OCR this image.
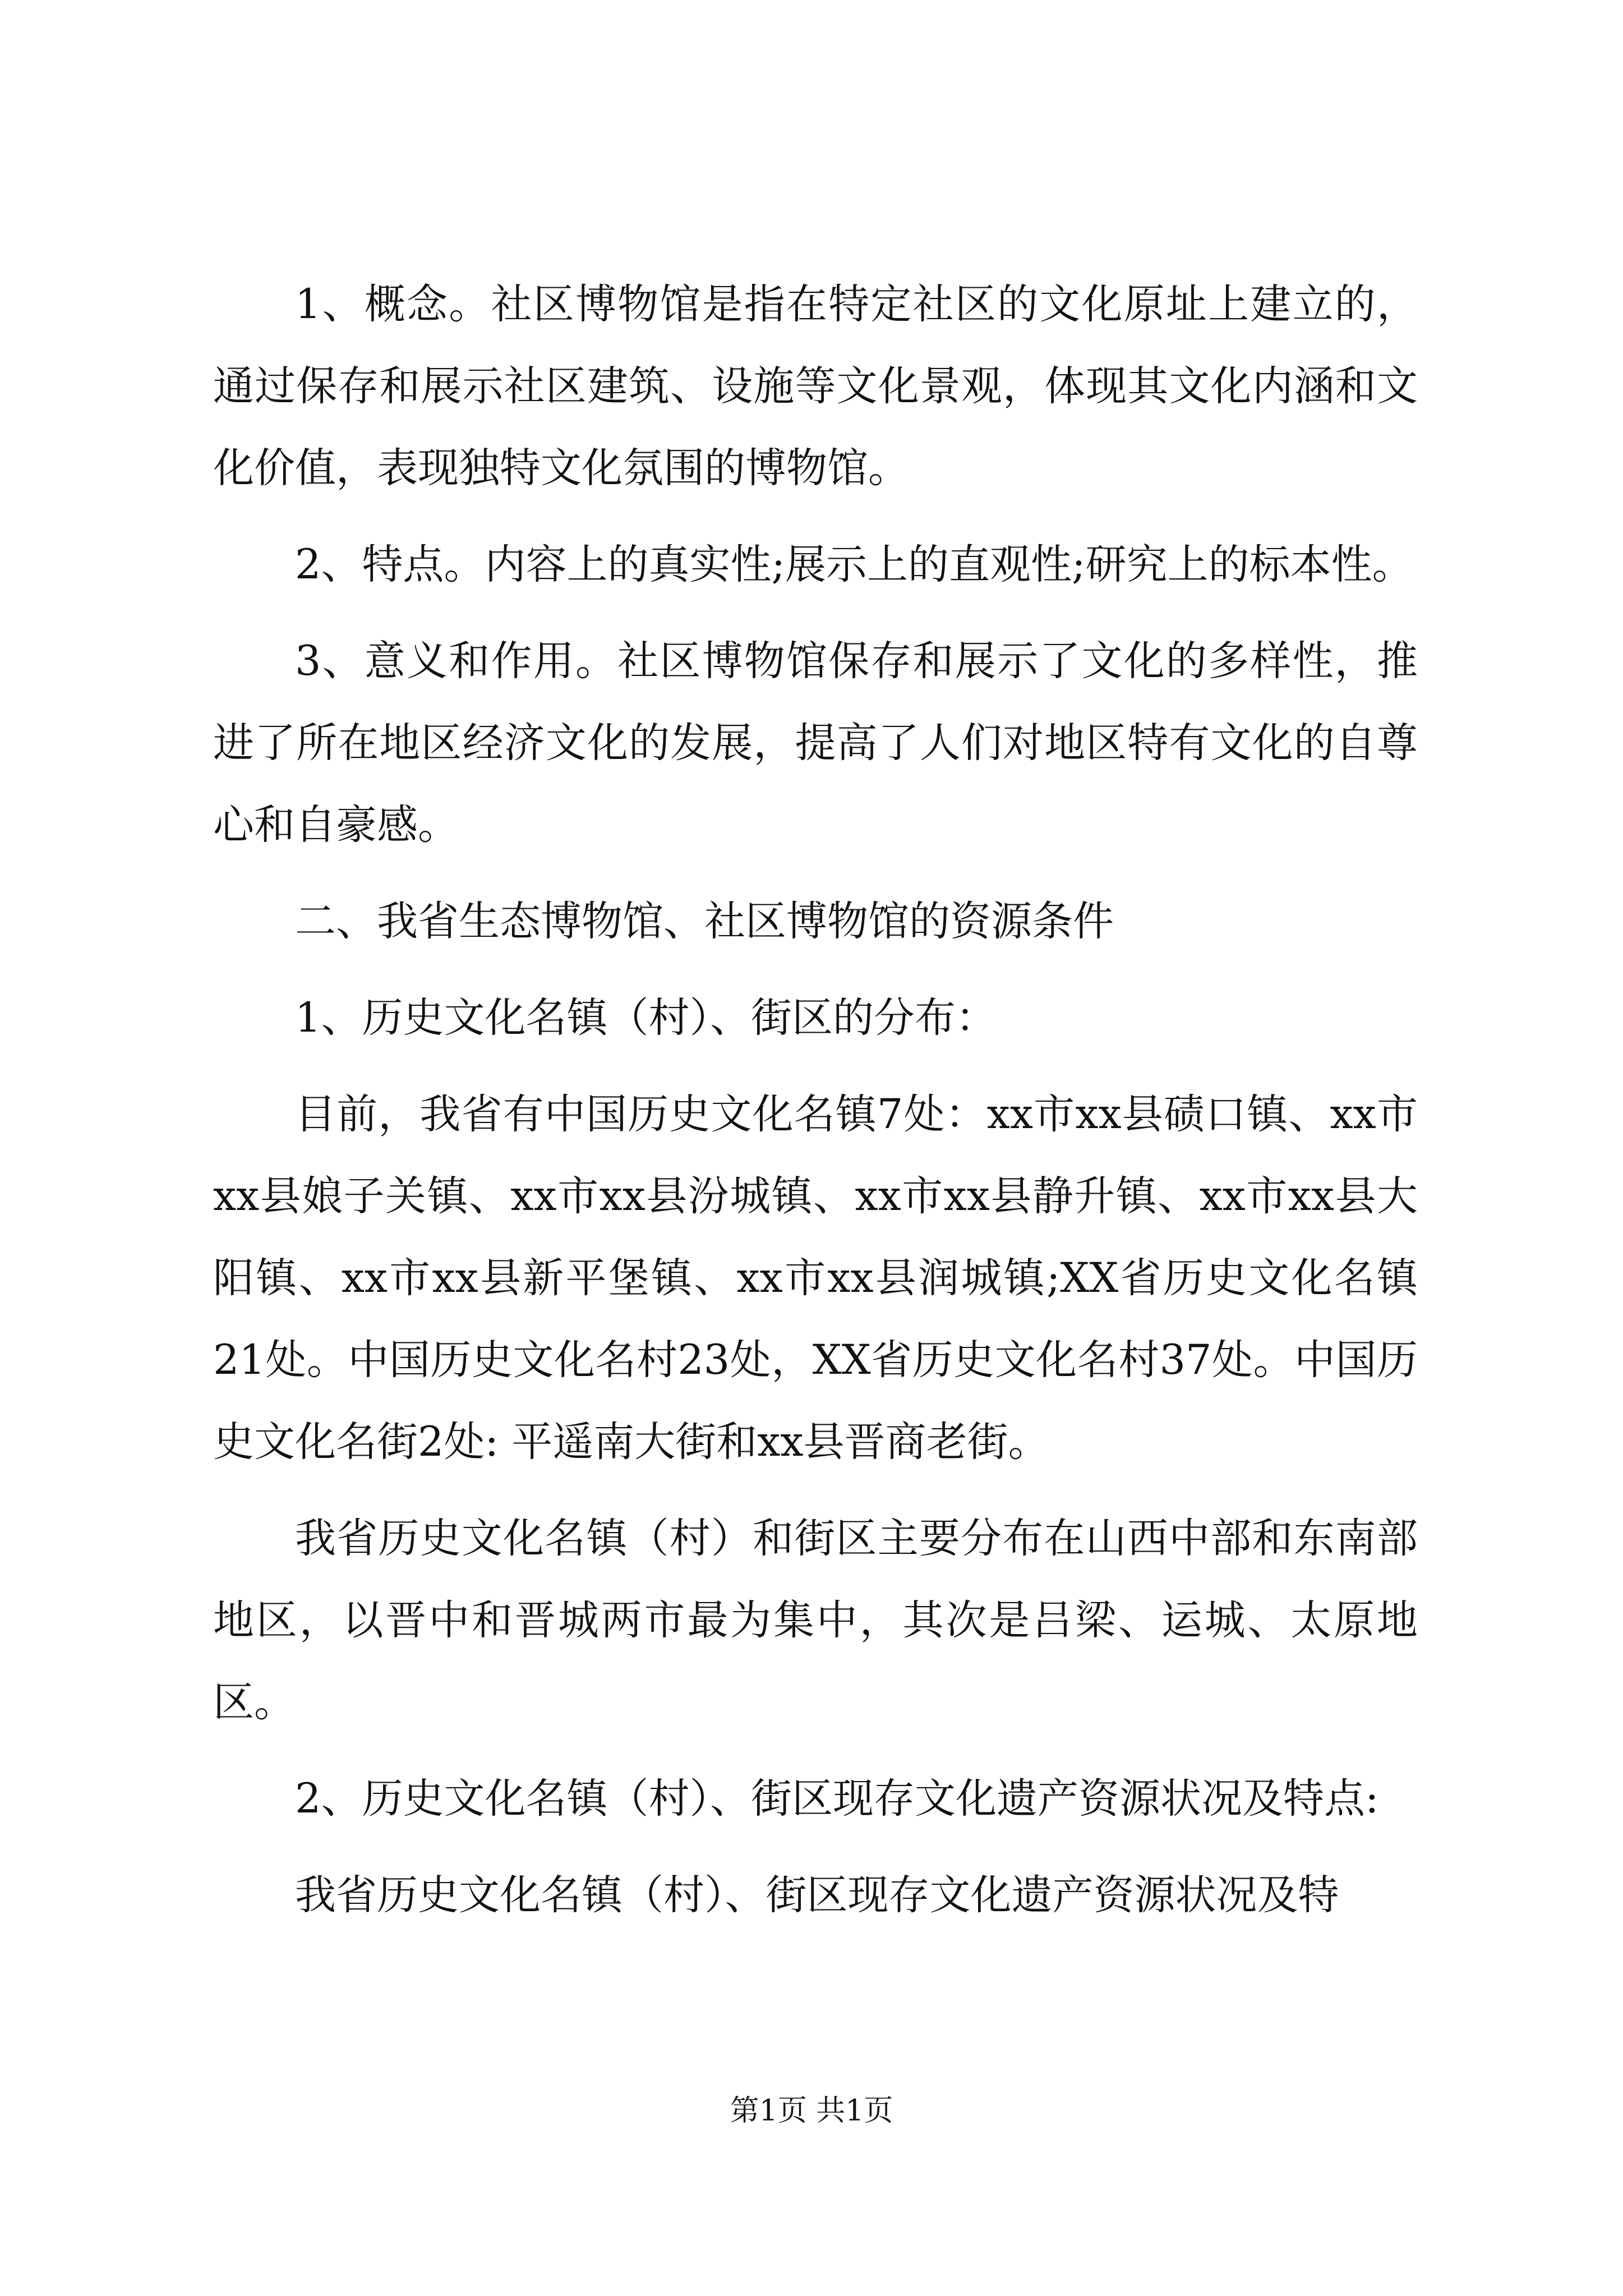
1、概念。社区博物馆是指在特定社区的文化原址上建立的，通过保存和展示社区建筑、设施等文化景观，体现其文化内涵和文化价值，表现独特文化氛围的博物馆。

2、特点。内容上的真实性;展示上的直观性;研究上的标本性。

3、意义和作用。社区博物馆保存和展示了文化的多样性，推进了所在地区经济文化的发展，提高了人们对地区特有文化的自尊心和自豪感。

二、我省生态博物馆、社区博物馆的资源条件

1、历史文化名镇（村）、街区的分布：

目前，我省有中国历史文化名镇7处：xx市xx县碛口镇、xx市xx县娘子关镇、xx市xx县汾城镇、xx市xx县静升镇、xx市xx县大阳镇、xx市xx县新平堡镇、xx市xx县润城镇;XX省历史文化名镇21处。中国历史文化名村23处，XX省历史文化名村37处。中国历史文化名街2处: 平遥南大街和xx县晋商老街。

我省历史文化名镇（村）和街区主要分布在山西中部和东南部地区，以晋中和晋城两市最为集中，其次是吕梁、运城、太原地区。

2、历史文化名镇（村）、街区现存文化遗产资源状况及特点:

我省历史文化名镇（村）、街区现存文化遗产资源状况及特

第1页 共1页
